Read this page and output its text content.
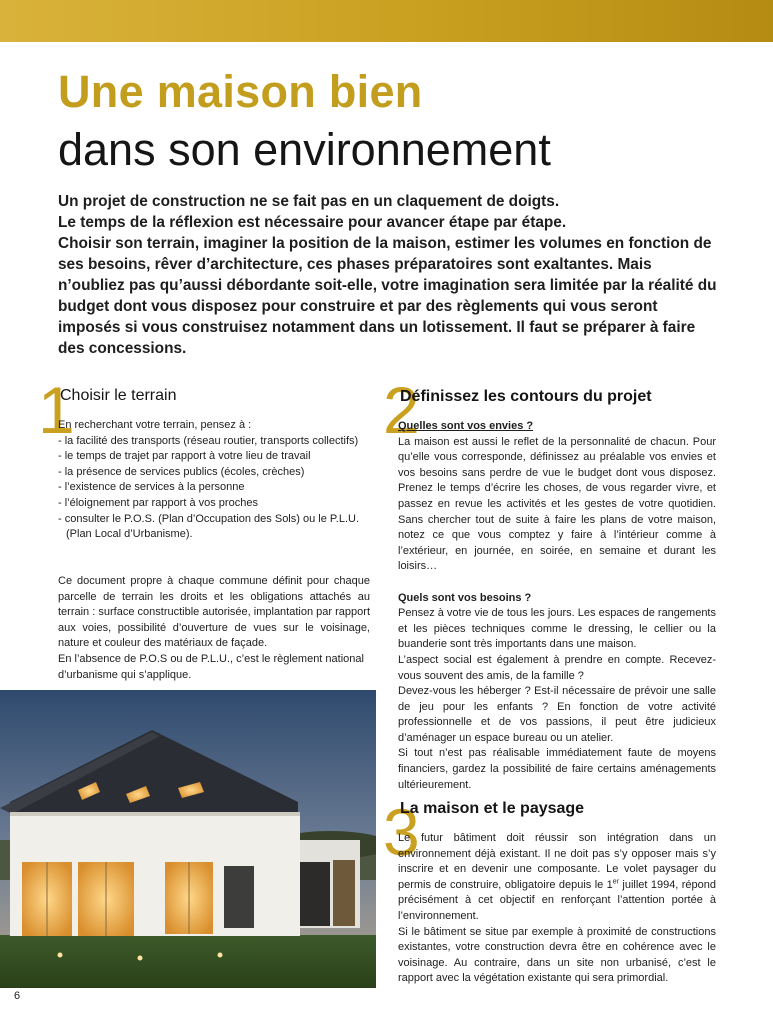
Une maison bien
dans son environnement

Un projet de construction ne se fait pas en un claquement de doigts.

Le temps de la réflexion est nécessaire pour avancer étape par étape.

Choisir son terrain, imaginer la position de la maison, estimer les volumes en fonction de ses besoins, rêver d’architecture, ces phases préparatoires sont exaltantes. Mais n’oubliez pas qu’aussi débordante soit-elle, votre imagination sera limitée par la réalité du budget dont vous disposez pour construire et par des règlements qui vous seront imposés si vous construisez notamment dans un lotissement. Il faut se préparer à faire des concessions.

1
Choisir le terrain

En recherchant votre terrain, pensez à :

- la facilité des transports (réseau routier, transports collectifs)
- le temps de trajet par rapport à votre lieu de travail
- la présence de services publics (écoles, crèches)
- l’existence de services à la personne
- l’éloignement par rapport à vos proches
- consulter le P.O.S. (Plan d’Occupation des Sols) ou le P.L.U. (Plan Local d’Urbanisme).

Ce document propre à chaque commune définit pour chaque parcelle de terrain les droits et les obligations attachés au terrain : surface constructible autorisée, implantation par rapport aux voies, possibilité d’ouverture de vues sur le voisinage, nature et couleur des matériaux de façade.

En l’absence de P.O.S ou de P.L.U., c’est le règlement national d’urbanisme qui s’applique.

2
Définissez les contours du projet

Quelles sont vos envies ?

La maison est aussi le reflet de la personnalité de chacun. Pour qu’elle vous corresponde, définissez au préalable vos envies et vos besoins sans perdre de vue le budget dont vous disposez. Prenez le temps d’écrire les choses, de vous regarder vivre, et passez en revue les activités et les gestes de votre quotidien. Sans chercher tout de suite à faire les plans de votre maison, notez ce que vous comptez y faire à l’intérieur comme à l’extérieur, en journée, en soirée, en semaine et durant les loisirs…

Quels sont vos besoins ?

Pensez à votre vie de tous les jours. Les espaces de rangements et les pièces techniques comme le dressing, le cellier ou la buanderie sont très importants dans une maison.

L’aspect social est également à prendre en compte. Recevez-vous souvent des amis, de la famille ?

Devez-vous les héberger ? Est-il nécessaire de prévoir une salle de jeu pour les enfants ? En fonction de votre activité professionnelle et de vos passions, il peut être judicieux d’aménager un espace bureau ou un atelier.

Si tout n’est pas réalisable immédiatement faute de moyens financiers, gardez la possibilité de faire certains aménagements ultérieurement.

3
La maison et le paysage

Le futur bâtiment doit réussir son intégration dans un environnement déjà existant. Il ne doit pas s’y opposer mais s’y inscrire et en devenir une composante. Le volet paysager du permis de construire, obligatoire depuis le 1er juillet 1994, répond précisément à cet objectif en renforçant l’attention portée à l’environnement.

Si le bâtiment se situe par exemple à proximité de constructions existantes, votre construction devra être en cohérence avec le voisinage. Au contraire, dans un site non urbanisé, c’est le rapport avec la végétation existante qui sera primordial.

6
